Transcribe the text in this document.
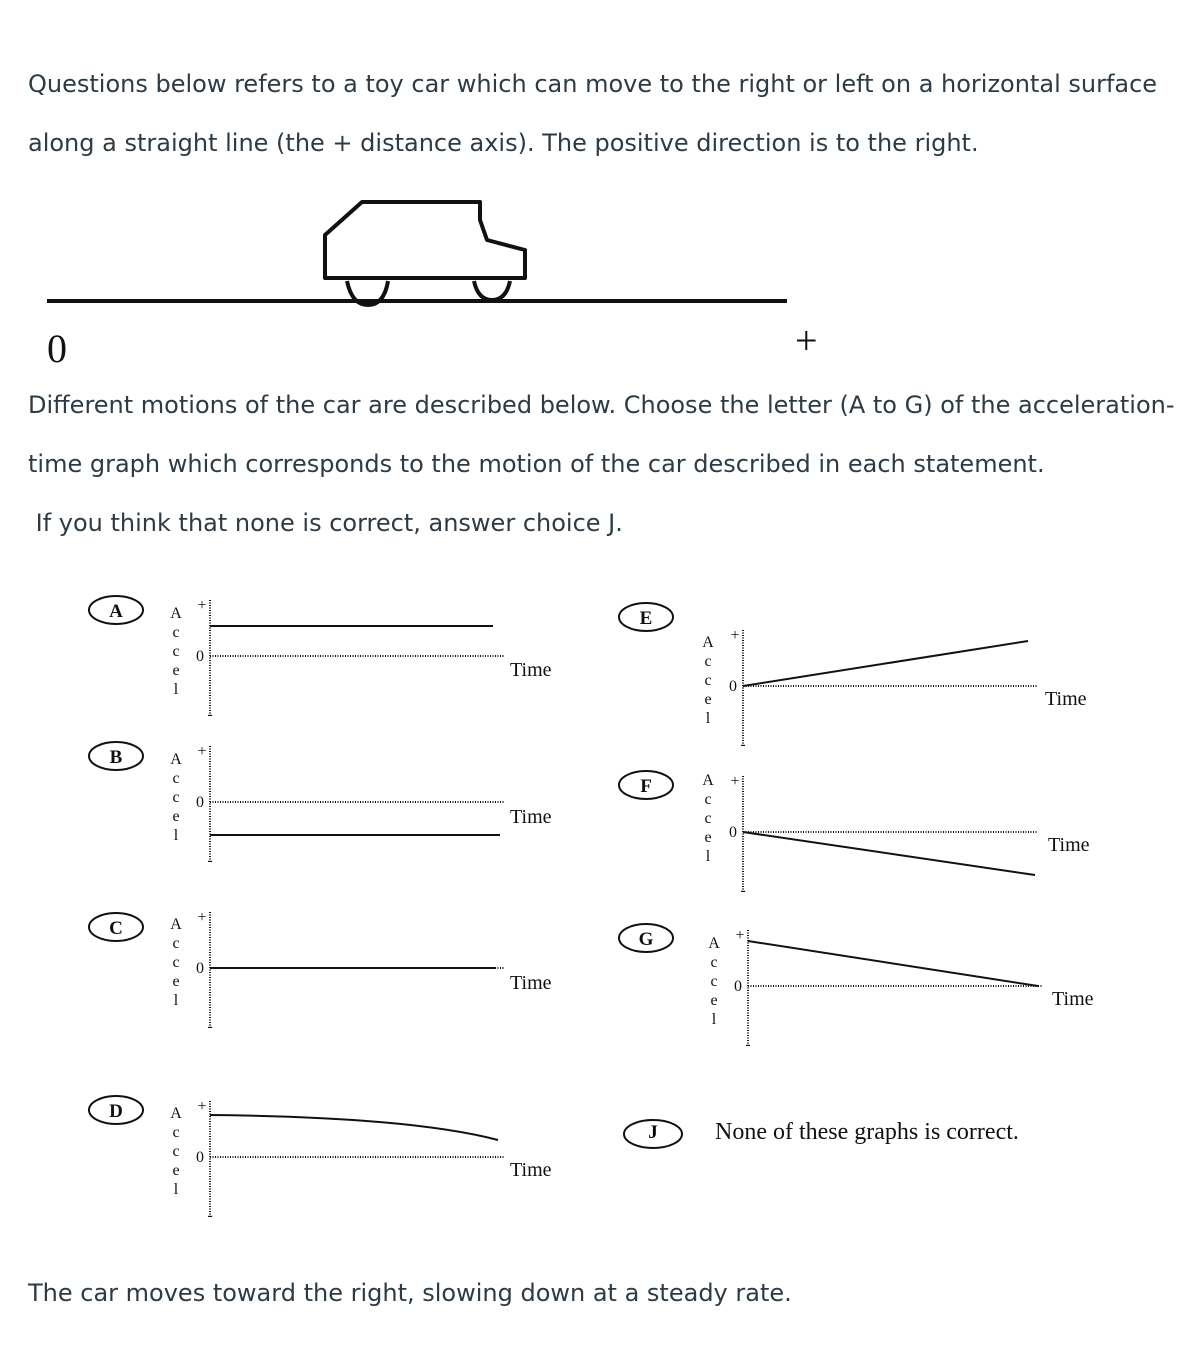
Questions below refers to a toy car which can move to the right or left on a horizontal surface
along a straight line (the + distance axis). The positive direction is to the right.
0	+
Different motions of the car are described below. Choose the letter (A to G) of the acceleration-
time graph which corresponds to the motion of the car described in each statement.
If you think that none is correct, answer choice J.
A	A
c
c
e
l
+
0
-
Time
B	A
c
c
e
l
+
0
-
Time
C	A
c
c
e
l
+
0
-
Time
D	A
c
c
e
l
+
0
-
Time
E
A
c
c
e
l
+
0
-
Time
F	A
c
c
e
l
+
0
-
Time
G	A
c
c
e
l
+
0
-
Time
J	None of these graphs is correct.
The car moves toward the right, slowing down at a steady rate.
